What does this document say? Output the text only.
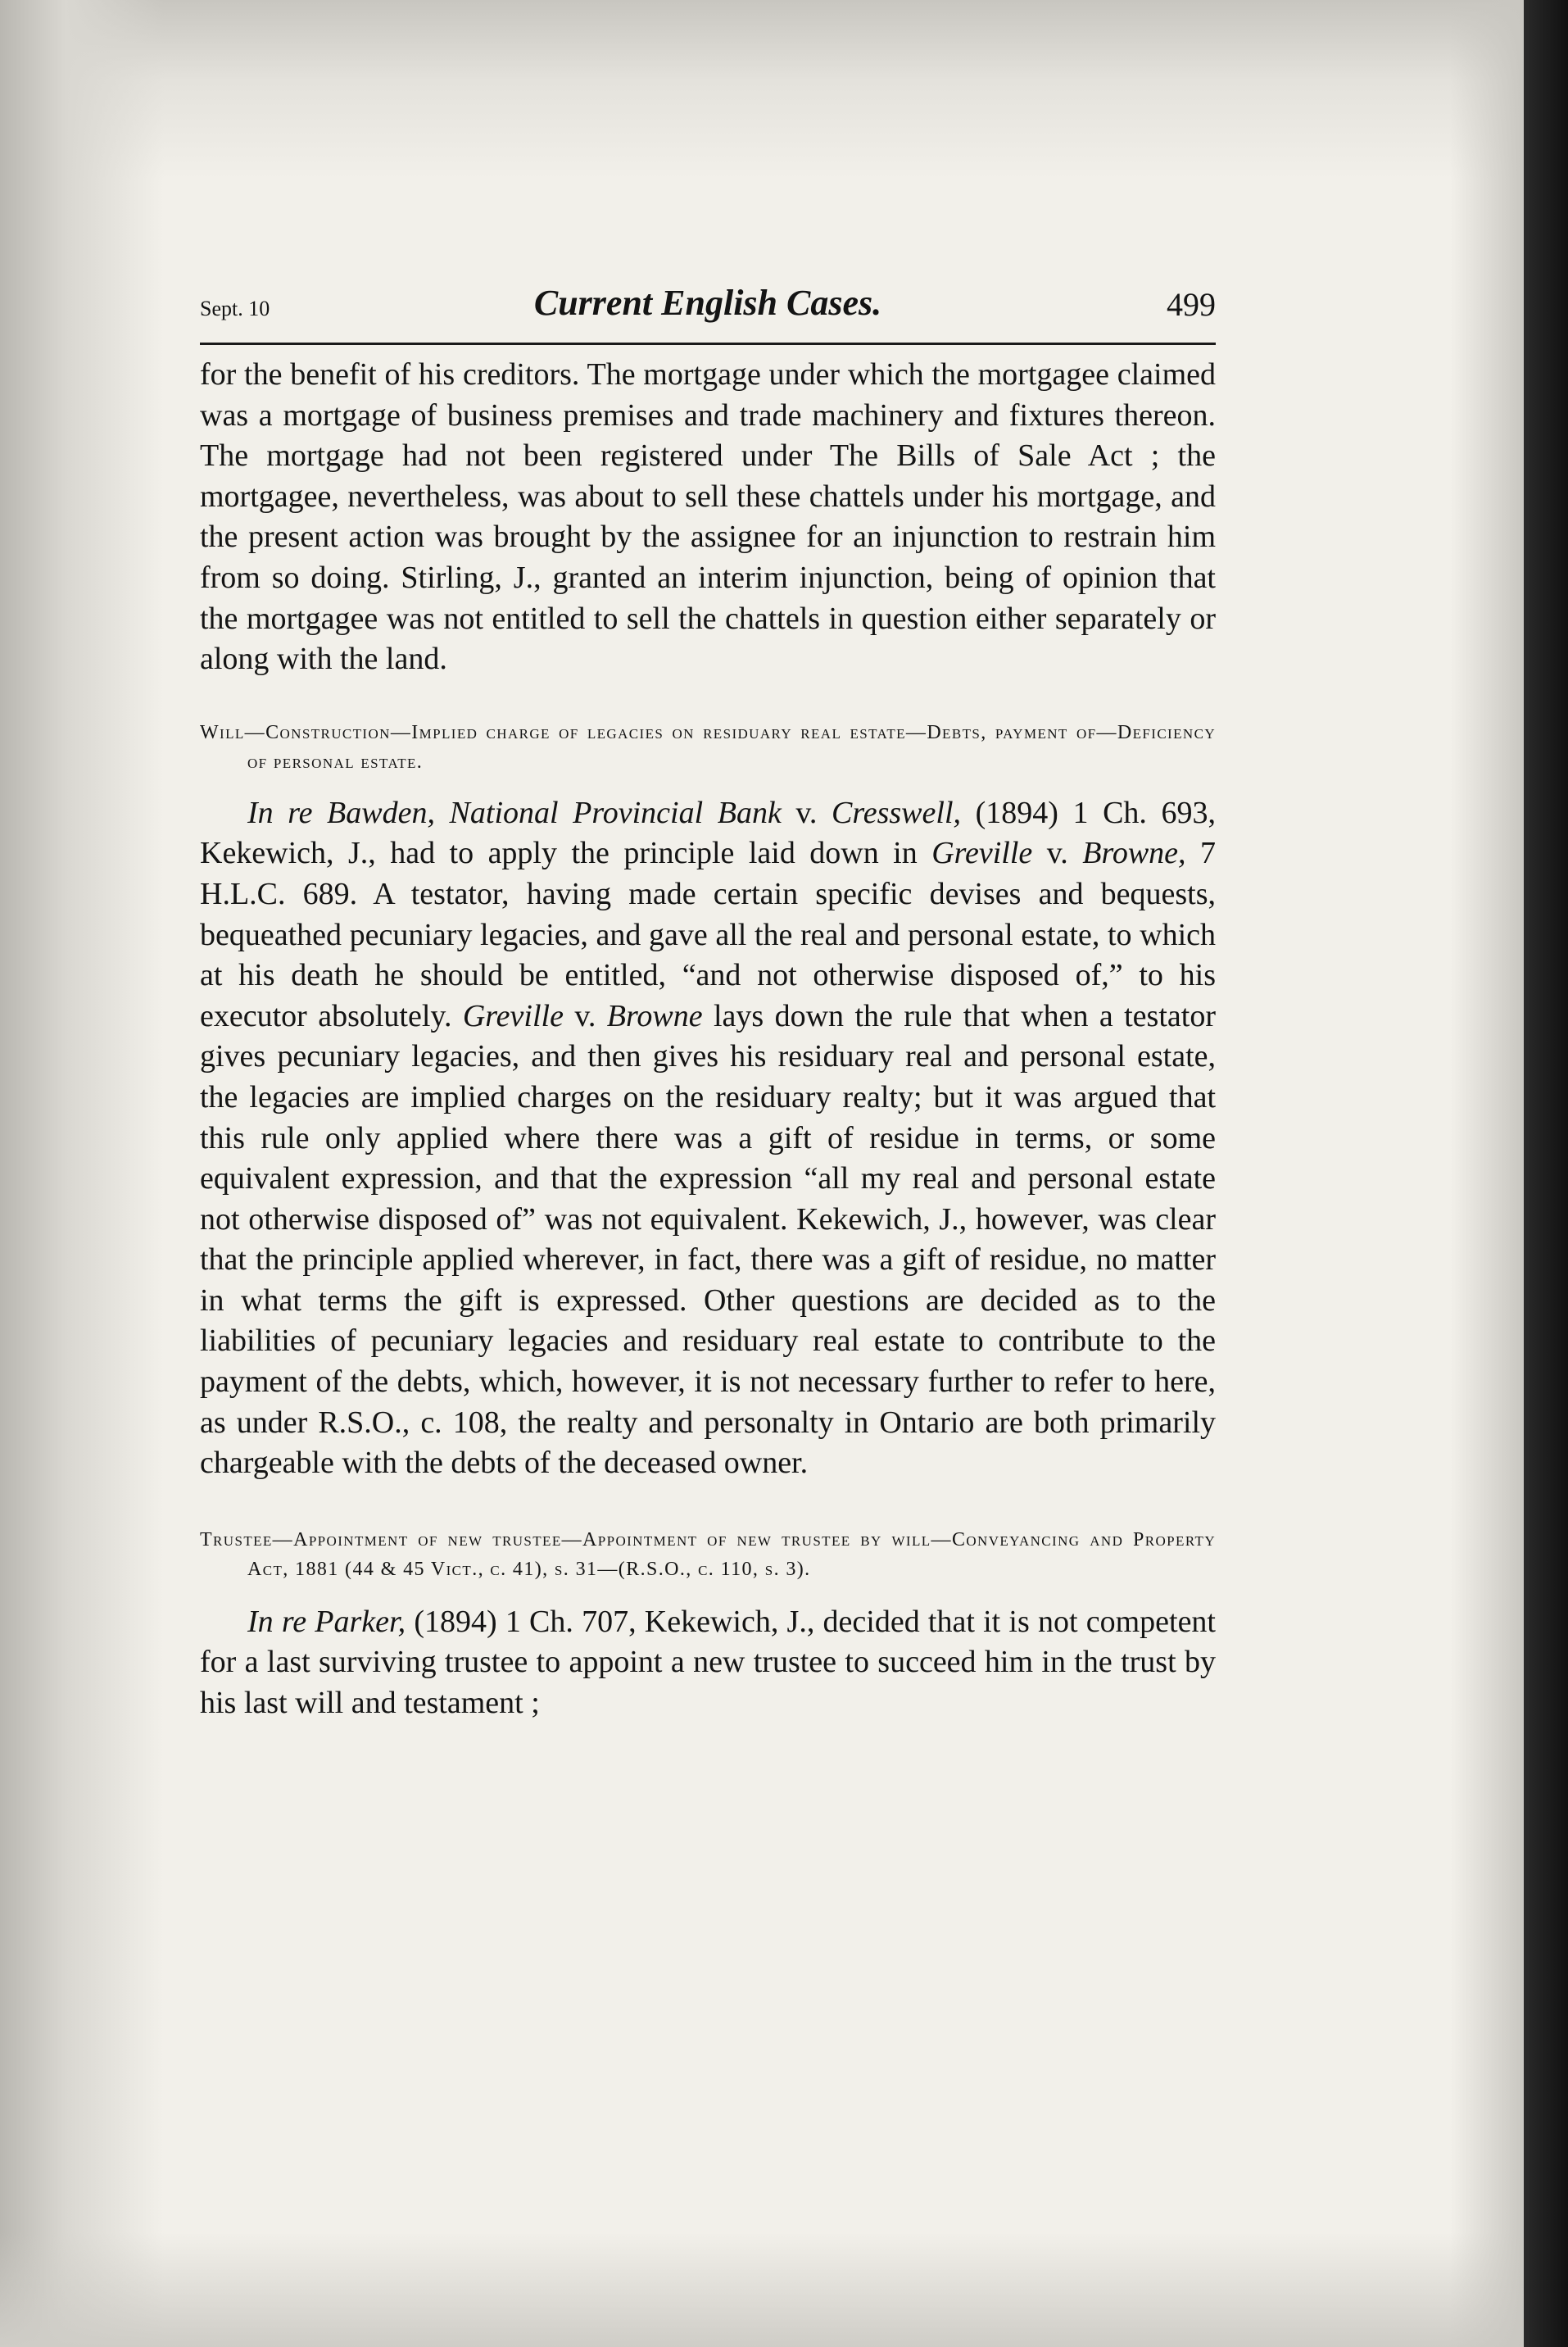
Sept. 10	Current English Cases.	499

for the benefit of his creditors. The mortgage under which the mortgagee claimed was a mortgage of business premises and trade machinery and fixtures thereon. The mortgage had not been registered under The Bills of Sale Act ; the mortgagee, nevertheless, was about to sell these chattels under his mortgage, and the present action was brought by the assignee for an injunction to restrain him from so doing. Stirling, J., granted an interim injunction, being of opinion that the mortgagee was not entitled to sell the chattels in question either separately or along with the land.

Will—Construction—Implied charge of legacies on residuary real estate—Debts, payment of—Deficiency of personal estate.

In re Bawden, National Provincial Bank v. Cresswell, (1894) 1 Ch. 693, Kekewich, J., had to apply the principle laid down in Greville v. Browne, 7 H.L.C. 689. A testator, having made certain specific devises and bequests, bequeathed pecuniary legacies, and gave all the real and personal estate, to which at his death he should be entitled, “and not otherwise disposed of,” to his executor absolutely. Greville v. Browne lays down the rule that when a testator gives pecuniary legacies, and then gives his residuary real and personal estate, the legacies are implied charges on the residuary realty; but it was argued that this rule only applied where there was a gift of residue in terms, or some equivalent expression, and that the expression “all my real and personal estate not otherwise disposed of” was not equivalent. Kekewich, J., however, was clear that the principle applied wherever, in fact, there was a gift of residue, no matter in what terms the gift is expressed. Other questions are decided as to the liabilities of pecuniary legacies and residuary real estate to contribute to the payment of the debts, which, however, it is not necessary further to refer to here, as under R.S.O., c. 108, the realty and personalty in Ontario are both primarily chargeable with the debts of the deceased owner.

Trustee—Appointment of new trustee—Appointment of new trustee by will—Conveyancing and Property Act, 1881 (44 & 45 Vict., c. 41), s. 31—(R.S.O., c. 110, s. 3).

In re Parker, (1894) 1 Ch. 707, Kekewich, J., decided that it is not competent for a last surviving trustee to appoint a new trustee to succeed him in the trust by his last will and testament ;
